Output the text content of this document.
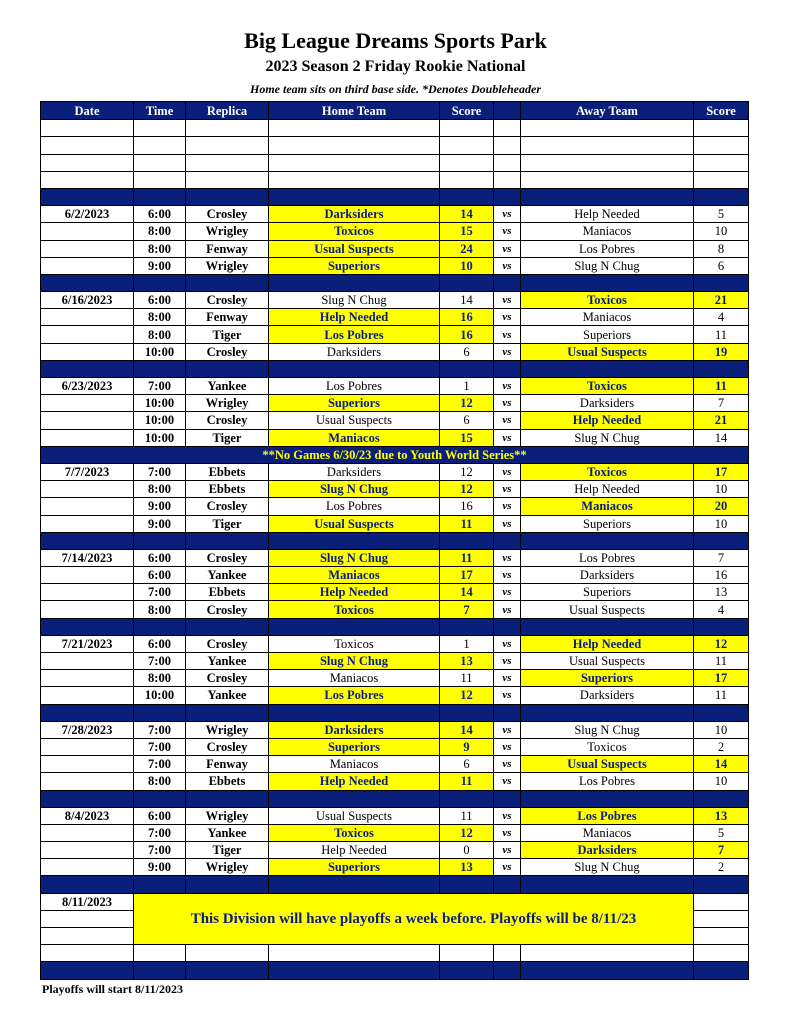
Big League Dreams Sports Park
2023 Season 2 Friday Rookie National
Home team sits on third base side. *Denotes Doubleheader
Date	Time	Replica	Home Team	Score		Away Team	Score

6/2/2023	6:00	Crosley	Darksiders	14	vs	Help Needed	5
	8:00	Wrigley	Toxicos	15	vs	Maniacos	10
	8:00	Fenway	Usual Suspects	24	vs	Los Pobres	8
	9:00	Wrigley	Superiors	10	vs	Slug N Chug	6

6/16/2023	6:00	Crosley	Slug N Chug	14	vs	Toxicos	21
	8:00	Fenway	Help Needed	16	vs	Maniacos	4
	8:00	Tiger	Los Pobres	16	vs	Superiors	11
	10:00	Crosley	Darksiders	6	vs	Usual Suspects	19

6/23/2023	7:00	Yankee	Los Pobres	1	vs	Toxicos	11
	10:00	Wrigley	Superiors	12	vs	Darksiders	7
	10:00	Crosley	Usual Suspects	6	vs	Help Needed	21
	10:00	Tiger	Maniacos	15	vs	Slug N Chug	14
**No Games 6/30/23 due to Youth World Series**							
7/7/2023	7:00	Ebbets	Darksiders	12	vs	Toxicos	17
	8:00	Ebbets	Slug N Chug	12	vs	Help Needed	10
	9:00	Crosley	Los Pobres	16	vs	Maniacos	20
	9:00	Tiger	Usual Suspects	11	vs	Superiors	10

7/14/2023	6:00	Crosley	Slug N Chug	11	vs	Los Pobres	7
	6:00	Yankee	Maniacos	17	vs	Darksiders	16
	7:00	Ebbets	Help Needed	14	vs	Superiors	13
	8:00	Crosley	Toxicos	7	vs	Usual Suspects	4

7/21/2023	6:00	Crosley	Toxicos	1	vs	Help Needed	12
	7:00	Yankee	Slug N Chug	13	vs	Usual Suspects	11
	8:00	Crosley	Maniacos	11	vs	Superiors	17
	10:00	Yankee	Los Pobres	12	vs	Darksiders	11

7/28/2023	7:00	Wrigley	Darksiders	14	vs	Slug N Chug	10
	7:00	Crosley	Superiors	9	vs	Toxicos	2
	7:00	Fenway	Maniacos	6	vs	Usual Suspects	14
	8:00	Ebbets	Help Needed	11	vs	Los Pobres	10

8/4/2023	6:00	Wrigley	Usual Suspects	11	vs	Los Pobres	13
	7:00	Yankee	Toxicos	12	vs	Maniacos	5
	7:00	Tiger	Help Needed	0	vs	Darksiders	7
	9:00	Wrigley	Superiors	13	vs	Slug N Chug	2

8/11/2023	This Division will have playoffs a week before. Playoffs will be 8/11/23						

Playoffs will start 8/11/2023
